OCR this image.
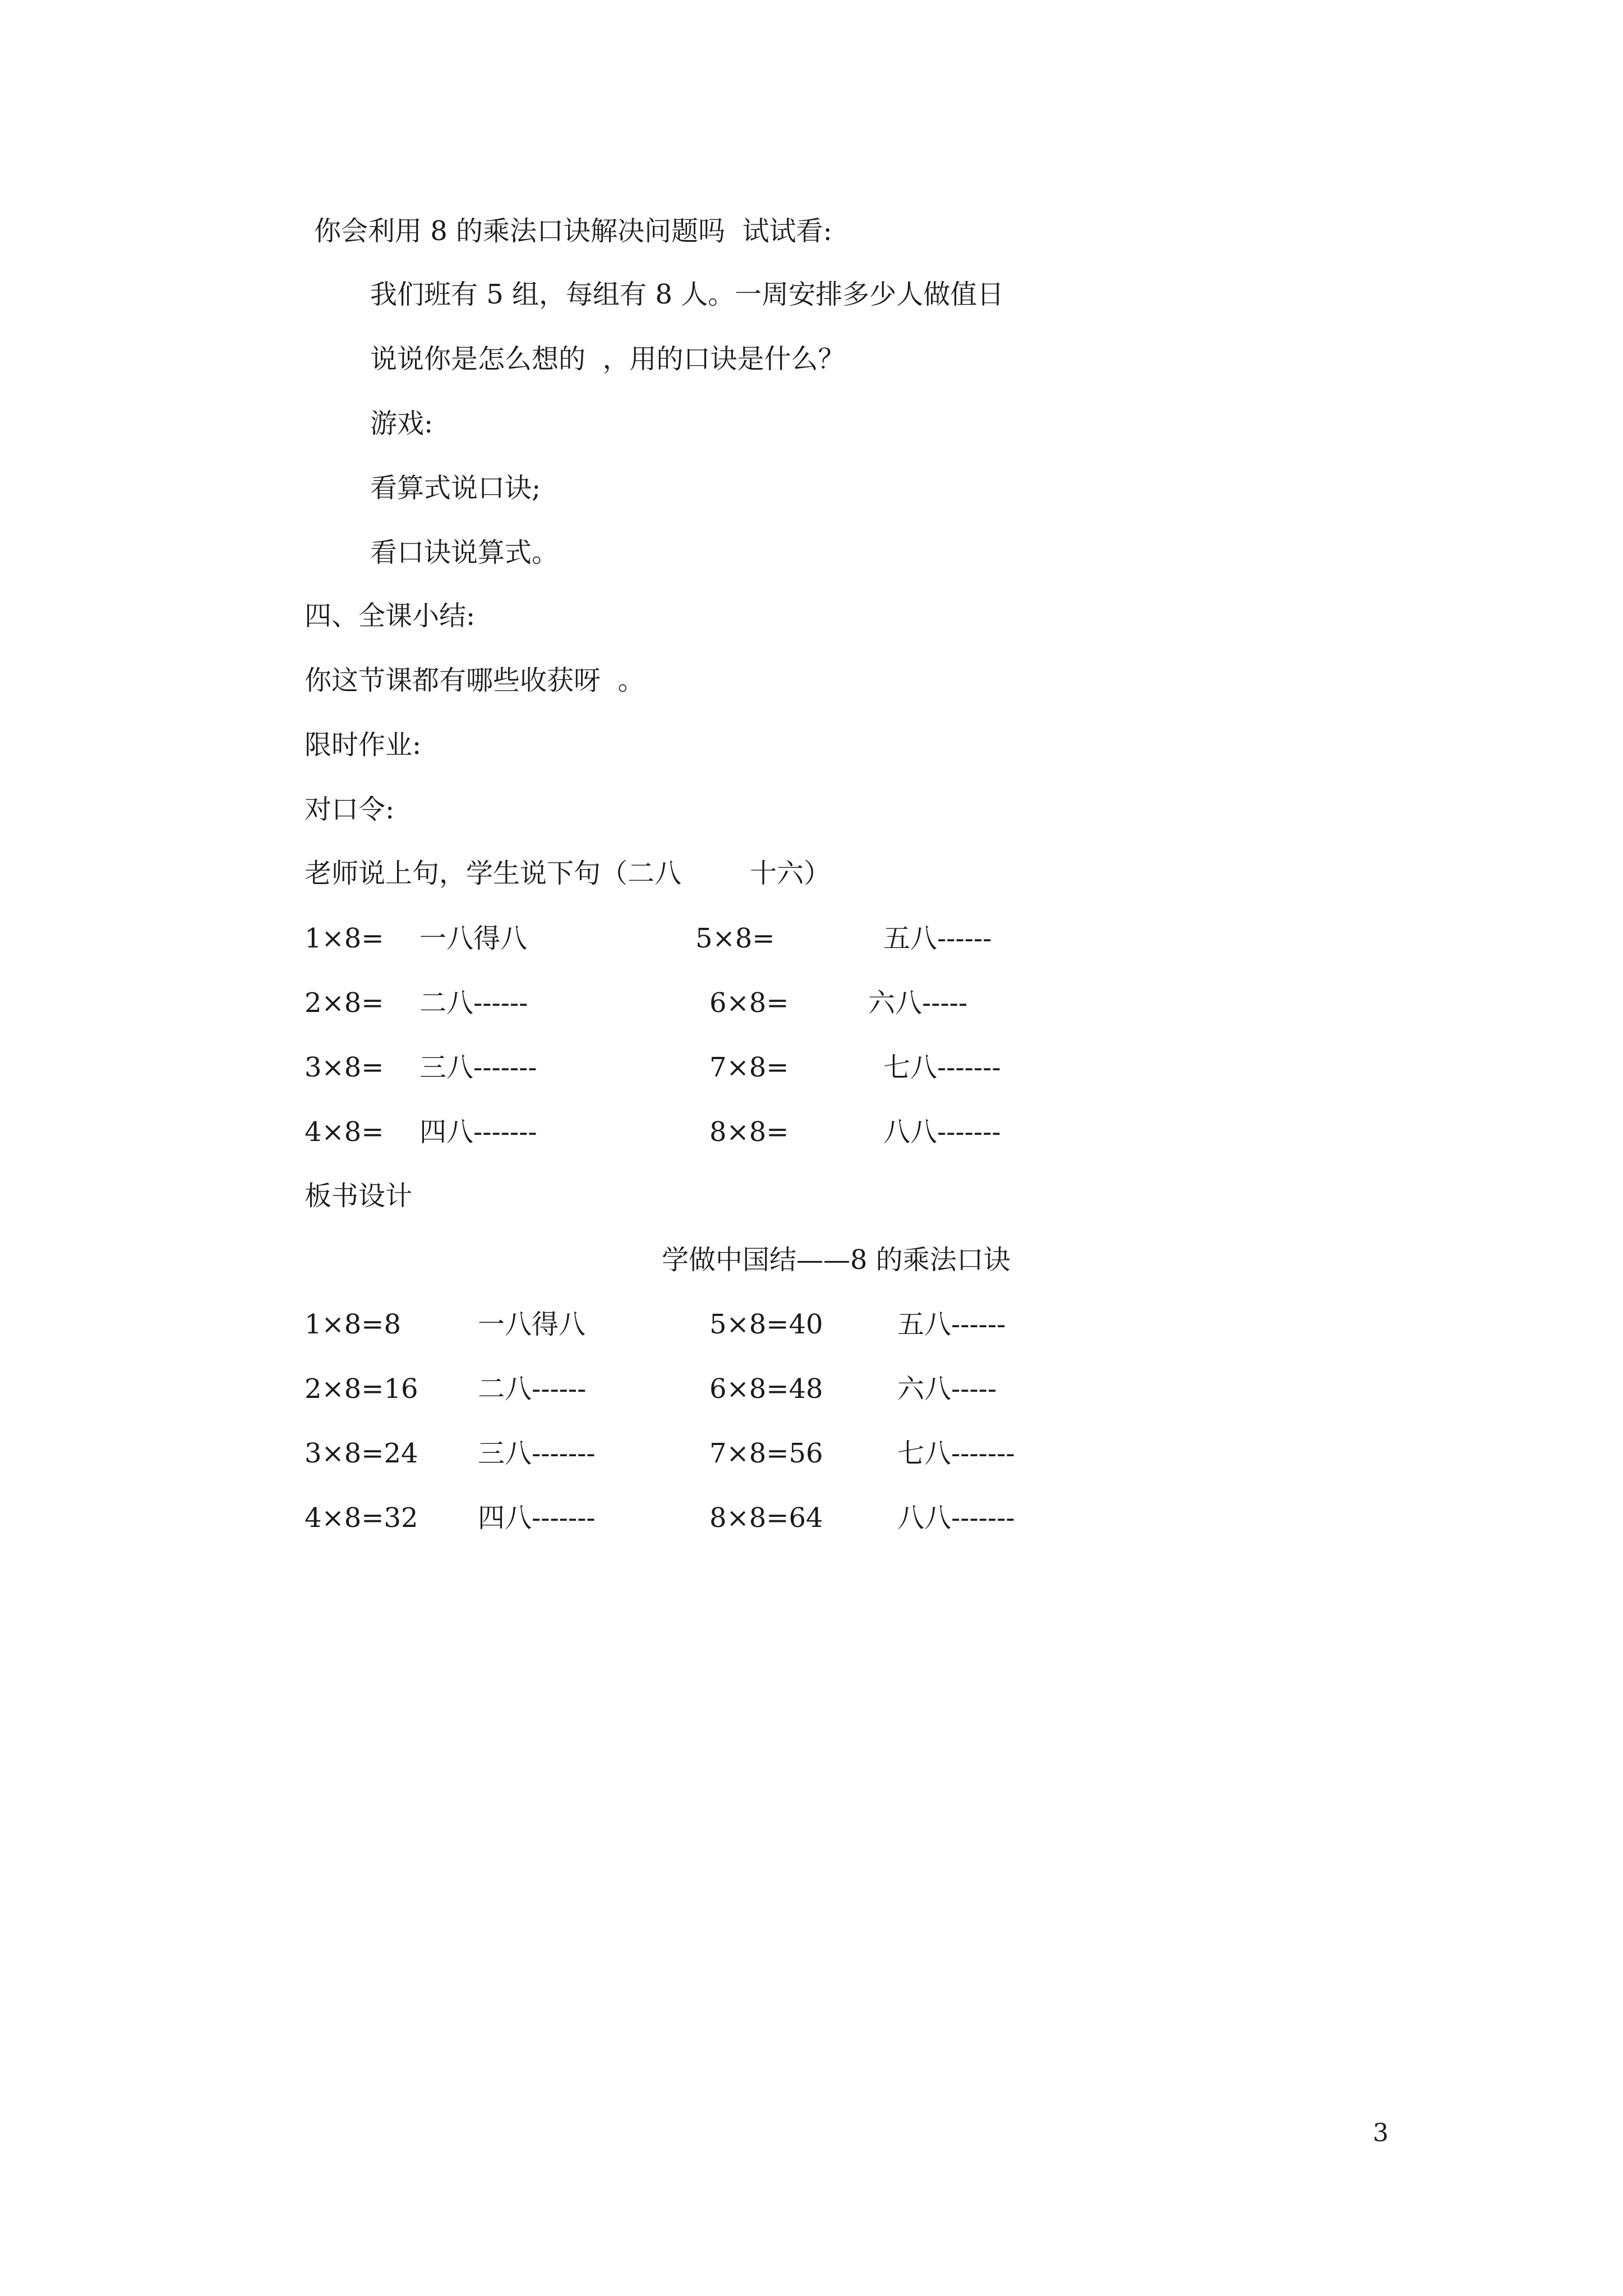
你会利用 8 的乘法口诀解决问题吗  试试看:
我们班有 5 组，每组有 8 人。一周安排多少人做值日
说说你是怎么想的  ，用的口诀是什么？
游戏:
看算式说口诀;
看口诀说算式。
四、全课小结:
你这节课都有哪些收获呀  。
限时作业:
对口令:
老师说上句，学生说下句（二八        十六）
1×8= 一八得八	5×8=	五八------
2×8= 二八------	6×8=	六八-----
3×8= 三八-------	7×8=	七八-------
4×8= 四八-------	8×8=	八八-------
板书设计
学做中国结——8 的乘法口诀
1×8=8	一八得八	5×8=40	五八------
2×8=16 二八------	6×8=48	六八-----
3×8=24 三八-------	7×8=56	七八-------
4×8=32 四八-------	8×8=64	八八-------
3
